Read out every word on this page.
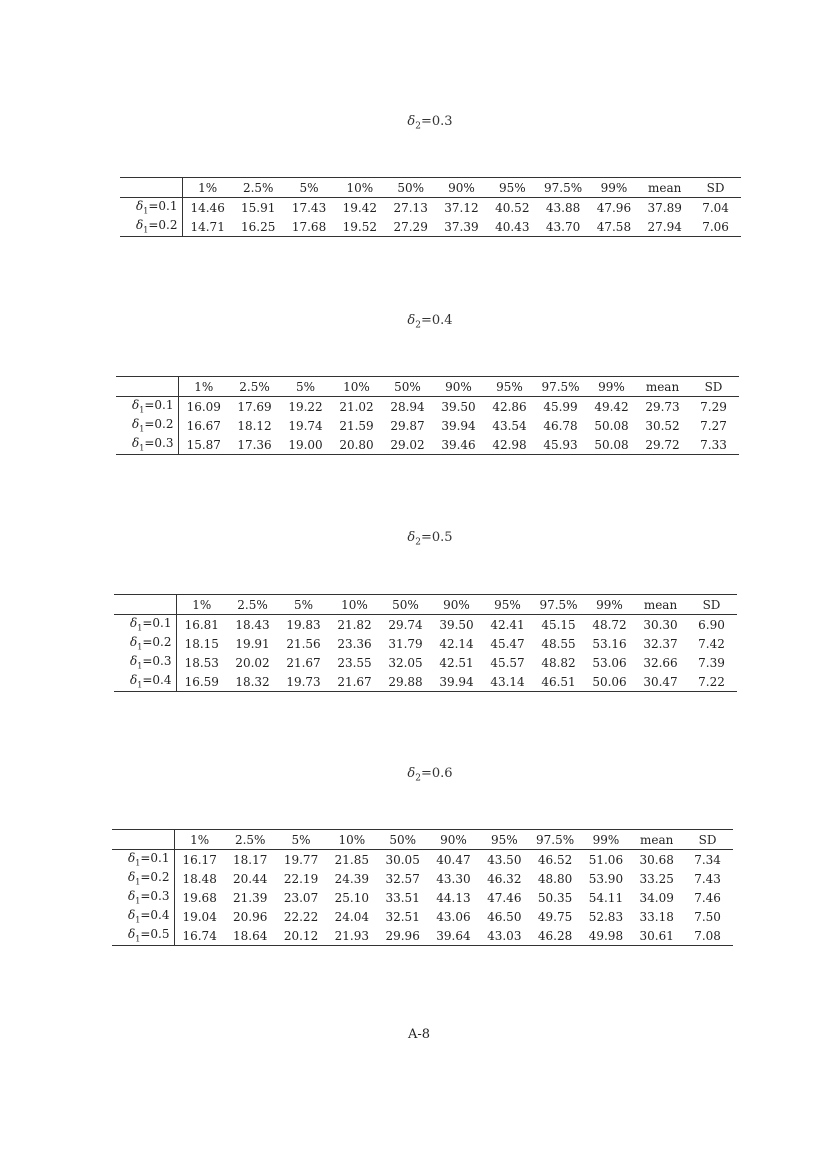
$\delta_2=0.3$
	1%	2.5%	5%	10%	50%	90%	95%	97.5%	99%	mean	SD
$\delta_1=0.1$	14.46	15.91	17.43	19.42	27.13	37.12	40.52	43.88	47.96	37.89	7.04
$\delta_1=0.2$	14.71	16.25	17.68	19.52	27.29	37.39	40.43	43.70	47.58	27.94	7.06
$\delta_2=0.4$
	1%	2.5%	5%	10%	50%	90%	95%	97.5%	99%	mean	SD
$\delta_1=0.1$	16.09	17.69	19.22	21.02	28.94	39.50	42.86	45.99	49.42	29.73	7.29
$\delta_1=0.2$	16.67	18.12	19.74	21.59	29.87	39.94	43.54	46.78	50.08	30.52	7.27
$\delta_1=0.3$	15.87	17.36	19.00	20.80	29.02	39.46	42.98	45.93	50.08	29.72	7.33
$\delta_2=0.5$
	1%	2.5%	5%	10%	50%	90%	95%	97.5%	99%	mean	SD
$\delta_1=0.1$	16.81	18.43	19.83	21.82	29.74	39.50	42.41	45.15	48.72	30.30	6.90
$\delta_1=0.2$	18.15	19.91	21.56	23.36	31.79	42.14	45.47	48.55	53.16	32.37	7.42
$\delta_1=0.3$	18.53	20.02	21.67	23.55	32.05	42.51	45.57	48.82	53.06	32.66	7.39
$\delta_1=0.4$	16.59	18.32	19.73	21.67	29.88	39.94	43.14	46.51	50.06	30.47	7.22
$\delta_2=0.6$
	1%	2.5%	5%	10%	50%	90%	95%	97.5%	99%	mean	SD
$\delta_1=0.1$	16.17	18.17	19.77	21.85	30.05	40.47	43.50	46.52	51.06	30.68	7.34
$\delta_1=0.2$	18.48	20.44	22.19	24.39	32.57	43.30	46.32	48.80	53.90	33.25	7.43
$\delta_1=0.3$	19.68	21.39	23.07	25.10	33.51	44.13	47.46	50.35	54.11	34.09	7.46
$\delta_1=0.4$	19.04	20.96	22.22	24.04	32.51	43.06	46.50	49.75	52.83	33.18	7.50
$\delta_1=0.5$	16.74	18.64	20.12	21.93	29.96	39.64	43.03	46.28	49.98	30.61	7.08
A-8
